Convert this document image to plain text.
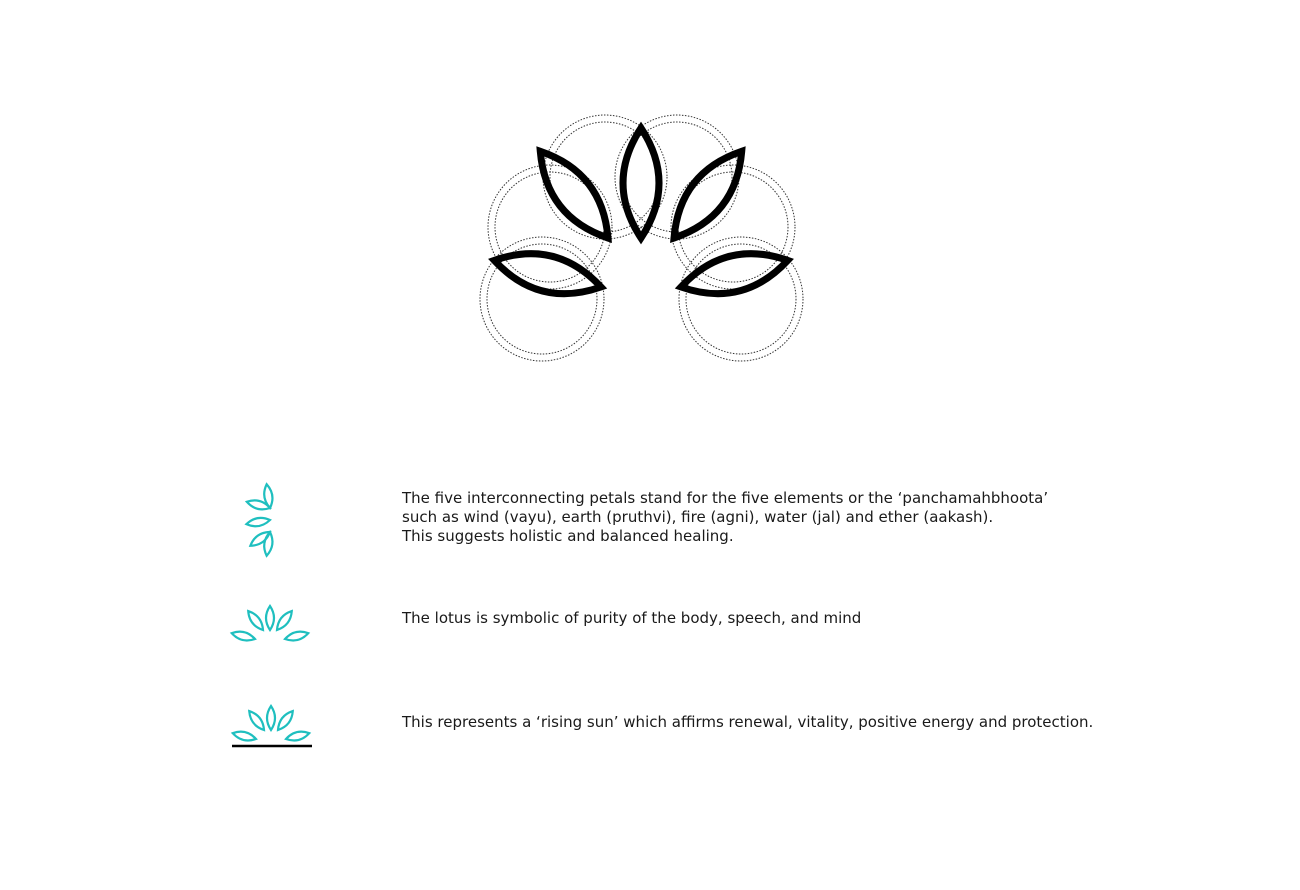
The five interconnecting petals stand for the five elements or the ‘panchamahbhoota’
such as wind (vayu), earth (pruthvi), fire (agni), water (jal) and ether (aakash).
This suggests holistic and balanced healing.

The lotus is symbolic of purity of the body, speech, and mind

This represents a ‘rising sun’ which affirms renewal, vitality, positive energy and protection.
